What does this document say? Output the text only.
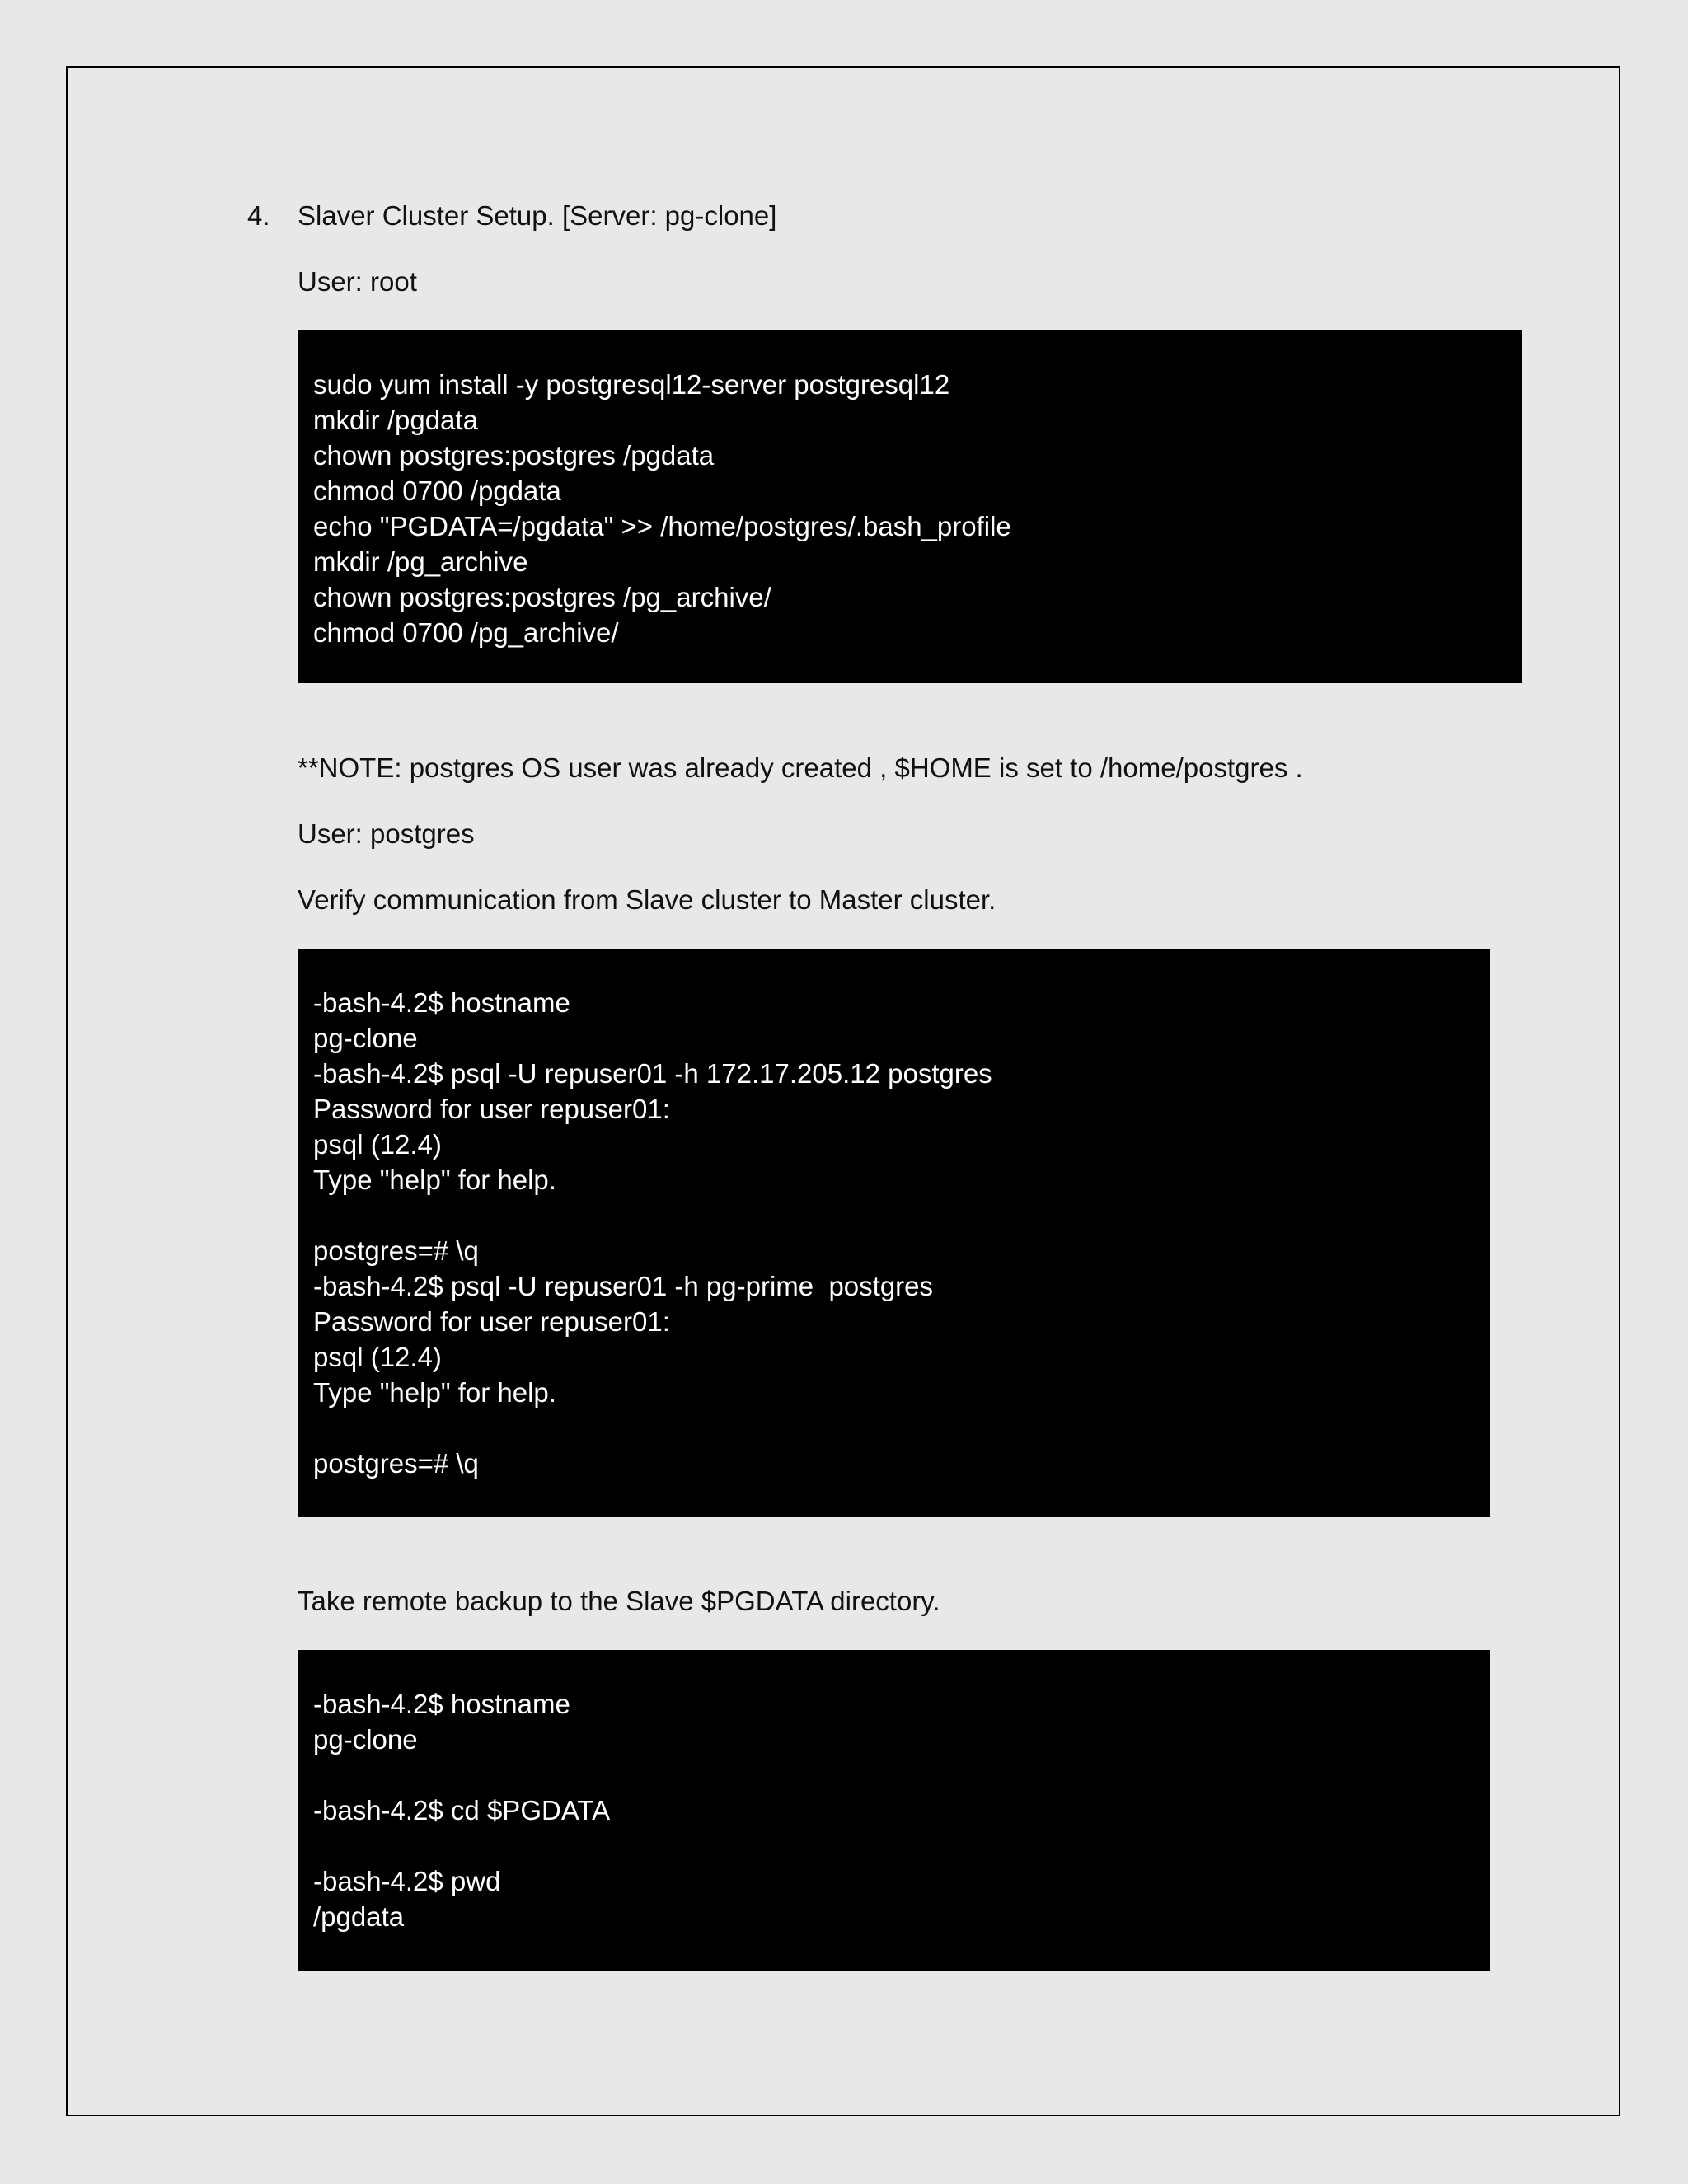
4. Slaver Cluster Setup. [Server: pg-clone]
User: root
sudo yum install -y postgresql12-server postgresql12
mkdir /pgdata
chown postgres:postgres /pgdata
chmod 0700 /pgdata
echo "PGDATA=/pgdata" >> /home/postgres/.bash_profile
mkdir /pg_archive
chown postgres:postgres /pg_archive/
chmod 0700 /pg_archive/
**NOTE: postgres OS user was already created , $HOME is set to /home/postgres .
User: postgres
Verify communication from Slave cluster to Master cluster.
-bash-4.2$ hostname
pg-clone
-bash-4.2$ psql -U repuser01 -h 172.17.205.12 postgres
Password for user repuser01:
psql (12.4)
Type "help" for help.
postgres=# \q
-bash-4.2$ psql -U repuser01 -h pg-prime  postgres
Password for user repuser01:
psql (12.4)
Type "help" for help.
postgres=# \q
Take remote backup to the Slave $PGDATA directory.
-bash-4.2$ hostname
pg-clone
-bash-4.2$ cd $PGDATA
-bash-4.2$ pwd
/pgdata
